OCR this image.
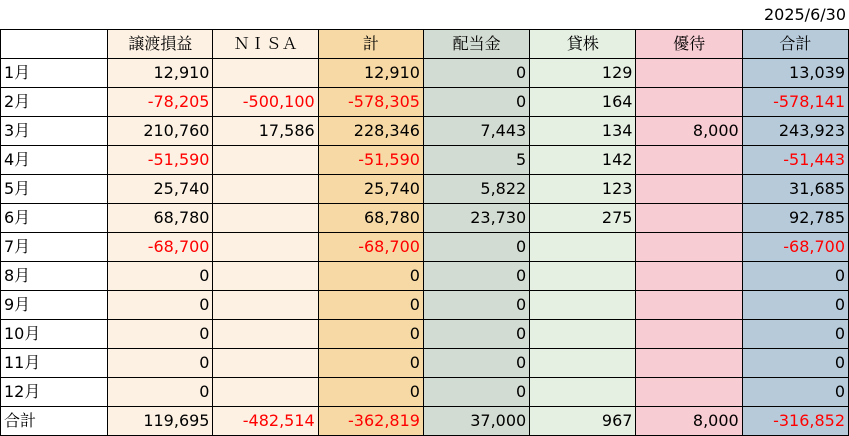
2025/6/30
	譲渡損益	ＮＩＳＡ	計	配当金	貸株	優待	合計
1月	12,910		12,910	0	129		13,039
2月	-78,205	-500,100	-578,305	0	164		-578,141
3月	210,760	17,586	228,346	7,443	134	8,000	243,923
4月	-51,590		-51,590	5	142		-51,443
5月	25,740		25,740	5,822	123		31,685
6月	68,780		68,780	23,730	275		92,785
7月	-68,700		-68,700	0			-68,700
8月	0		0	0			0
9月	0		0	0			0
10月	0		0	0			0
11月	0		0	0			0
12月	0		0	0			0
合計	119,695	-482,514	-362,819	37,000	967	8,000	-316,852
